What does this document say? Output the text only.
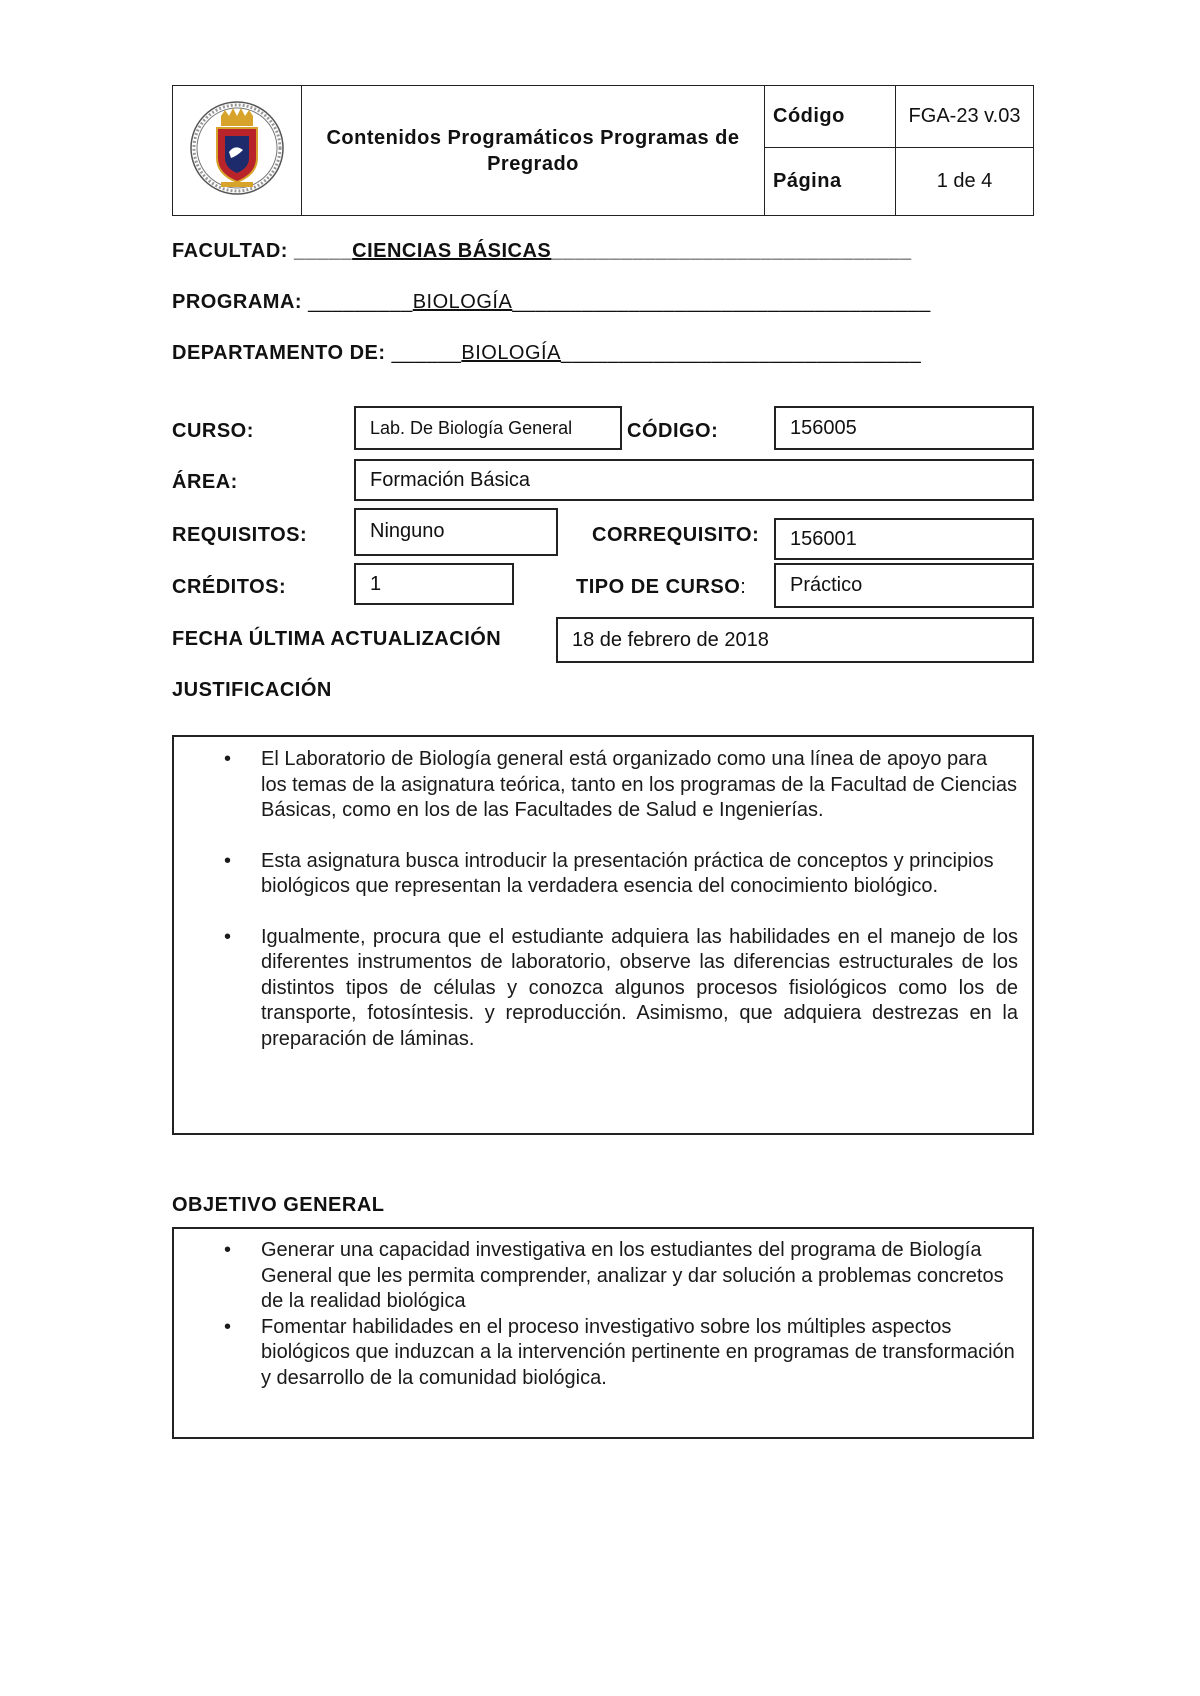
	Contenidos Programáticos Programas de Pregrado	Código	FGA-23 v.03
		Página	1 de 4
FACULTAD: _____CIENCIAS BÁSICAS_______________________________
PROGRAMA: _________BIOLOGÍA____________________________________
DEPARTAMENTO DE: ______BIOLOGÍA_______________________________
CURSO:	Lab. De Biología General	CÓDIGO:	156005
ÁREA:	Formación Básica
REQUISITOS:	Ninguno	CORREQUISITO: 156001
CRÉDITOS:	1	TIPO DE CURSO: Práctico
FECHA ÚLTIMA ACTUALIZACIÓN	18 de febrero de 2018
JUSTIFICACIÓN
• El Laboratorio de Biología general está organizado como una línea de apoyo para los temas de la asignatura teórica, tanto en los programas de la Facultad de Ciencias Básicas, como en los de las Facultades de Salud e Ingenierías.
• Esta asignatura busca introducir la presentación práctica de conceptos y principios biológicos que representan la verdadera esencia del conocimiento biológico.
• Igualmente, procura que el estudiante adquiera las habilidades en el manejo de los diferentes instrumentos de laboratorio, observe las diferencias estructurales de los distintos tipos de células y conozca algunos procesos fisiológicos como los de transporte, fotosíntesis. y reproducción. Asimismo, que adquiera destrezas en la preparación de láminas.
OBJETIVO GENERAL
• Generar una capacidad investigativa en los estudiantes del programa de Biología General que les permita comprender, analizar y dar solución a problemas concretos de la realidad biológica
• Fomentar habilidades en el proceso investigativo sobre los múltiples aspectos biológicos que induzcan a la intervención pertinente en programas de transformación y desarrollo de la comunidad biológica.
